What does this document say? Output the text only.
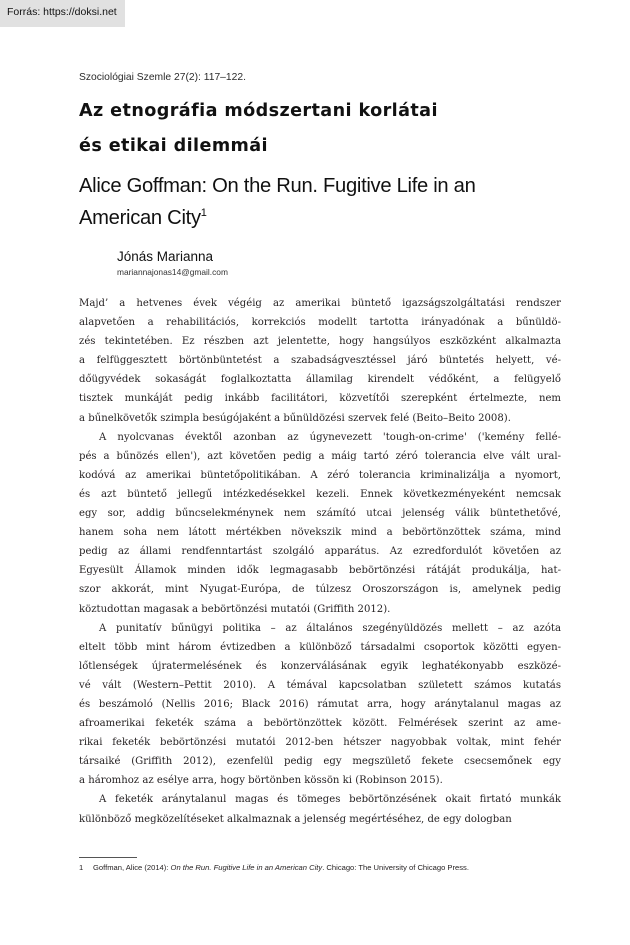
Forrás: https://doksi.net
Szociológiai Szemle 27(2): 117–122.
Az etnográfia módszertani korlátai
és etikai dilemmái
Alice Goffman: On the Run. Fugitive Life in an American City$^1$
Jónás Marianna
mariannajonas14@gmail.com

Majd’ a hetvenes évek végéig az amerikai büntető igazságszolgáltatási rendszer
alapvetően a rehabilitációs, korrekciós modellt tartotta irányadónak a bűnüldö-
zés tekintetében. Ez részben azt jelentette, hogy hangsúlyos eszközként alkalmazta
a felfüggesztett börtönbüntetést a szabadságvesztéssel járó büntetés helyett, vé-
dőügyvédek sokaságát foglalkoztatta államilag kirendelt védőként, a felügyelő
tisztek munkáját pedig inkább facilitátori, közvetítői szerepként értelmezte, nem
a bűnelkövetők szimpla besúgójaként a bűnüldözési szervek felé (Beito–Beito 2008).

A nyolcvanas évektől azonban az úgynevezett 'tough-on-crime' ('kemény fellé-
pés a bűnözés ellen'), azt követően pedig a máig tartó zéró tolerancia elve vált ural-
kodóvá az amerikai büntetőpolitikában. A zéró tolerancia kriminalizálja a nyomort,
és azt büntető jellegű intézkedésekkel kezeli. Ennek következményeként nemcsak
egy sor, addig bűncselekménynek nem számító utcai jelenség válik büntethetővé,
hanem soha nem látott mértékben növekszik mind a bebörtönzöttek száma, mind
pedig az állami rendfenntartást szolgáló apparátus. Az ezredfordulót követően az
Egyesült Államok minden idők legmagasabb bebörtönzési rátáját produkálja, hat-
szor akkorát, mint Nyugat-Európa, de túlzesz Oroszországon is, amelynek pedig
köztudottan magasak a bebörtönzési mutatói (Griffith 2012).

A punitatív bűnügyi politika – az általános szegényüldözés mellett – az azóta
eltelt több mint három évtizedben a különböző társadalmi csoportok közötti egyen-
lőtlenségek újratermelésének és konzerválásának egyik leghatékonyabb eszközé-
vé vált (Western–Pettit 2010). A témával kapcsolatban született számos kutatás
és beszámoló (Nellis 2016; Black 2016) rámutat arra, hogy aránytalanul magas az
afroamerikai feketék száma a bebörtönzöttek között. Felmérések szerint az ame-
rikai feketék bebörtönzési mutatói 2012-ben hétszer nagyobbak voltak, mint fehér
társaiké (Griffith 2012), ezenfelül pedig egy megszülető fekete csecsemőnek egy
a háromhoz az esélye arra, hogy börtönben kössön ki (Robinson 2015).

A feketék aránytalanul magas és tömeges bebörtönzésének okait firtató munkák
különböző megközelítéseket alkalmaznak a jelenség megértéséhez, de egy dologban

1 Goffman, Alice (2014): On the Run. Fugitive Life in an American City. Chicago: The University of Chicago Press.
